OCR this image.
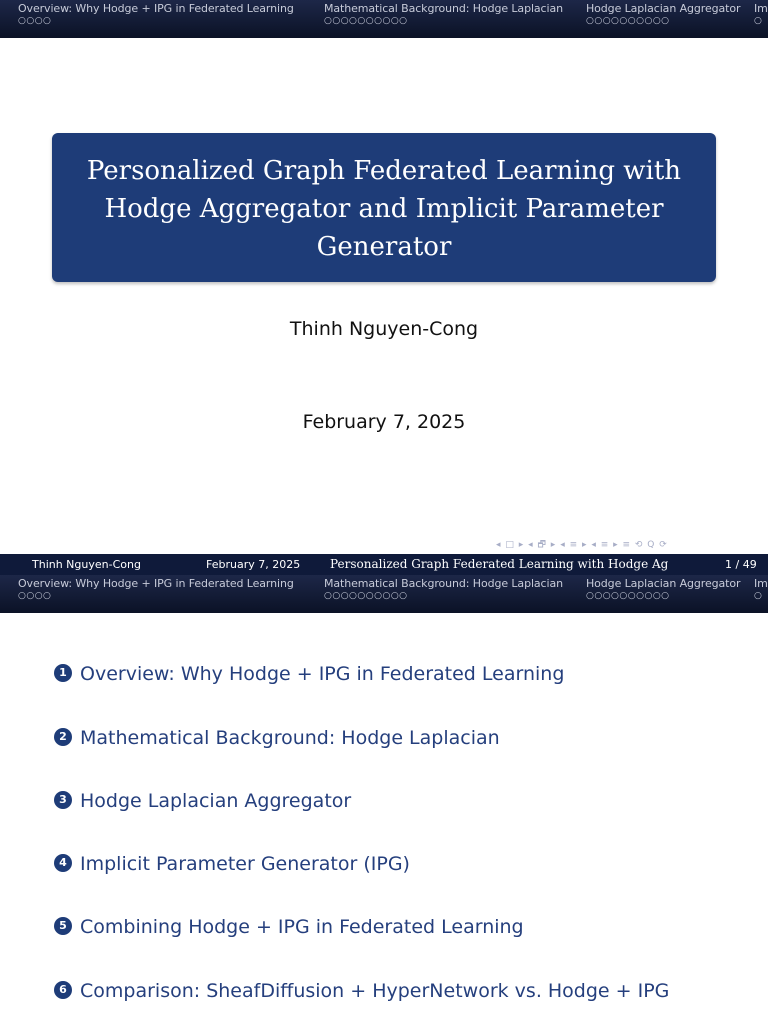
Overview: Why Hodge + IPG in Federated Learning
○○○○
Mathematical Background: Hodge Laplacian
○○○○○○○○○○
Hodge Laplacian Aggregator
○○○○○○○○○○
Im
○
Personalized Graph Federated Learning with Hodge Aggregator and Implicit Parameter Generator
Thinh Nguyen-Cong
February 7, 2025
◂ □ ▸ ◂ 🗗 ▸ ◂ ≡ ▸ ◂ ≡ ▸ ≡ ⟲ Q ⟳
Thinh Nguyen-Cong	February 7, 2025 Personalized Graph Federated Learning with Hodge Ag	1 / 49
Overview: Why Hodge + IPG in Federated Learning
○○○○
Mathematical Background: Hodge Laplacian
○○○○○○○○○○
Hodge Laplacian Aggregator
○○○○○○○○○○
Im
○
1 Overview: Why Hodge + IPG in Federated Learning
2 Mathematical Background: Hodge Laplacian
3 Hodge Laplacian Aggregator
4 Implicit Parameter Generator (IPG)
5 Combining Hodge + IPG in Federated Learning
6 Comparison: SheafDiffusion + HyperNetwork vs. Hodge + IPG
